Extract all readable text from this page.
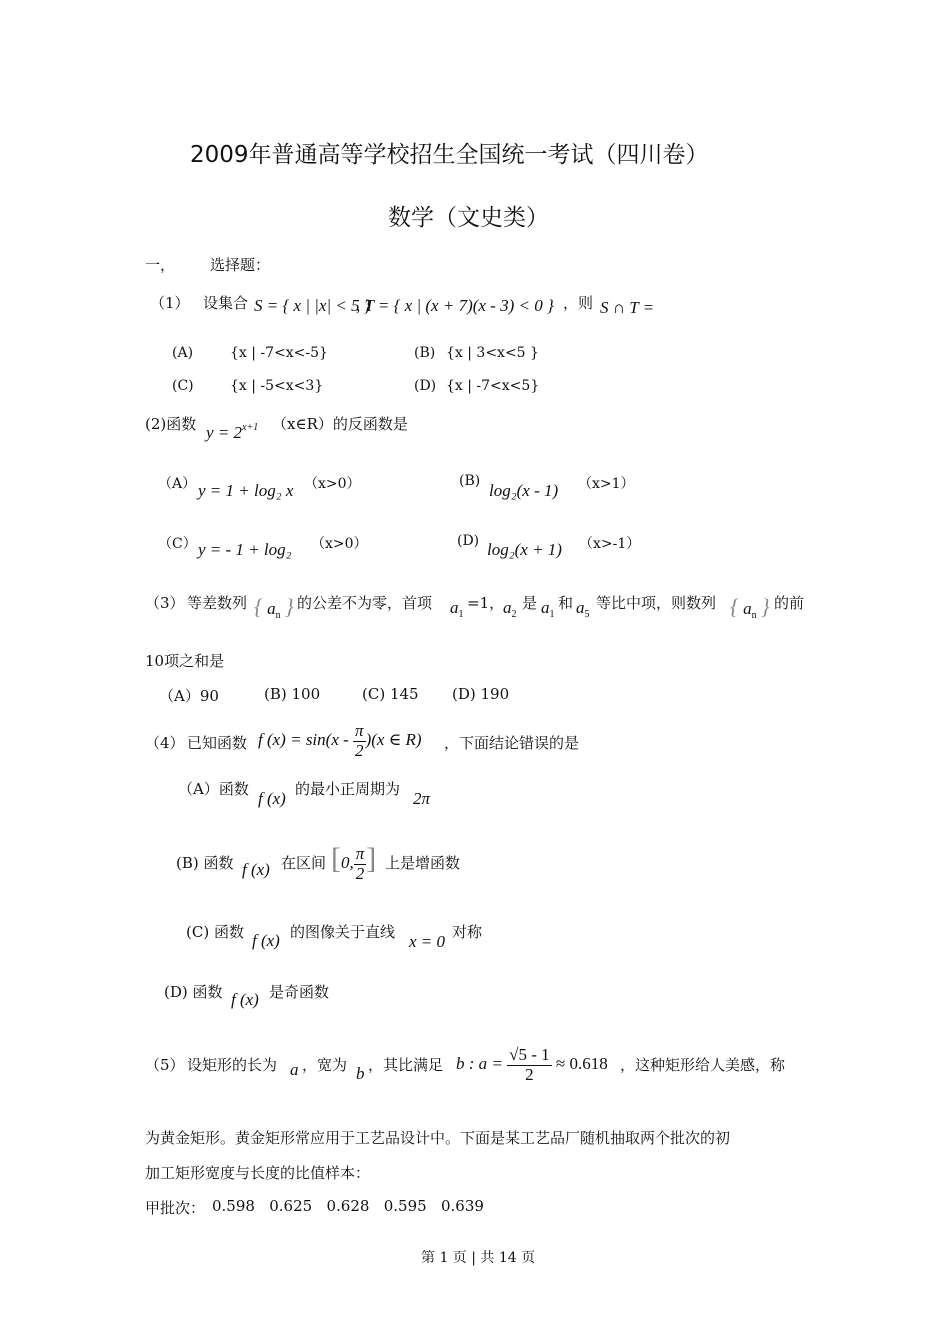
2009年普通高等学校招生全国统一考试（四川卷）
数学（文史类）
一， 选择题：
（1） 设集合 S = { x | |x| < 5 }
, T = { x | (x + 7)(x - 3) < 0 } ，则 S ∩ T =
(A)	{x | -7<x<-5}	(B) {x | 3<x<5 }
(C)	{x | -5<x<3}	(D) {x | -7<x<5}
(2)函数 $y = 2^{x+1}$ （x∈R）的反函数是
（A） y = 1 + log₂ x （x>0）	(B) log₂(x - 1) （x>1）
（C） y = - 1 + log₂ （x>0）	(D) log₂(x + 1) （x>-1）
（3） 等差数列 { $a_n$ } 的公差不为零，首项 $a_1$
=1，
$a_2$
是 $a_1$
和 $a_5$
等比中项，则数列 { $a_n$ } 的前
10项之和是
（A）90	(B) 100	(C) 145 (D) 190
（4） 已知函数 f $(x) = \sin(x - \frac{\pi}{2} )(x$ ∈ R) ，下面结论错误的是
（A）函数 f (x) 的最小正周期为 2π
(B) 函数 f (x) 在区间 [0, $\frac{\pi}{2}$ ] 上是增函数
(C) 函数 f (x) 的图像关于直线 x = 0 对称
(D) 函数 f (x) 是奇函数
（5） 设矩形的长为 a ，宽为 b ，其比满足 b : $a = \frac{√5 - 1}{2} \approx 0.618$ ，这种矩形给人美感，称
为黄金矩形。黄金矩形常应用于工艺品设计中。下面是某工艺品厂随机抽取两个批次的初
加工矩形宽度与长度的比值样本：
甲批次： 0.598   0.625   0.628   0.595   0.639
第 1 页 | 共 14 页
